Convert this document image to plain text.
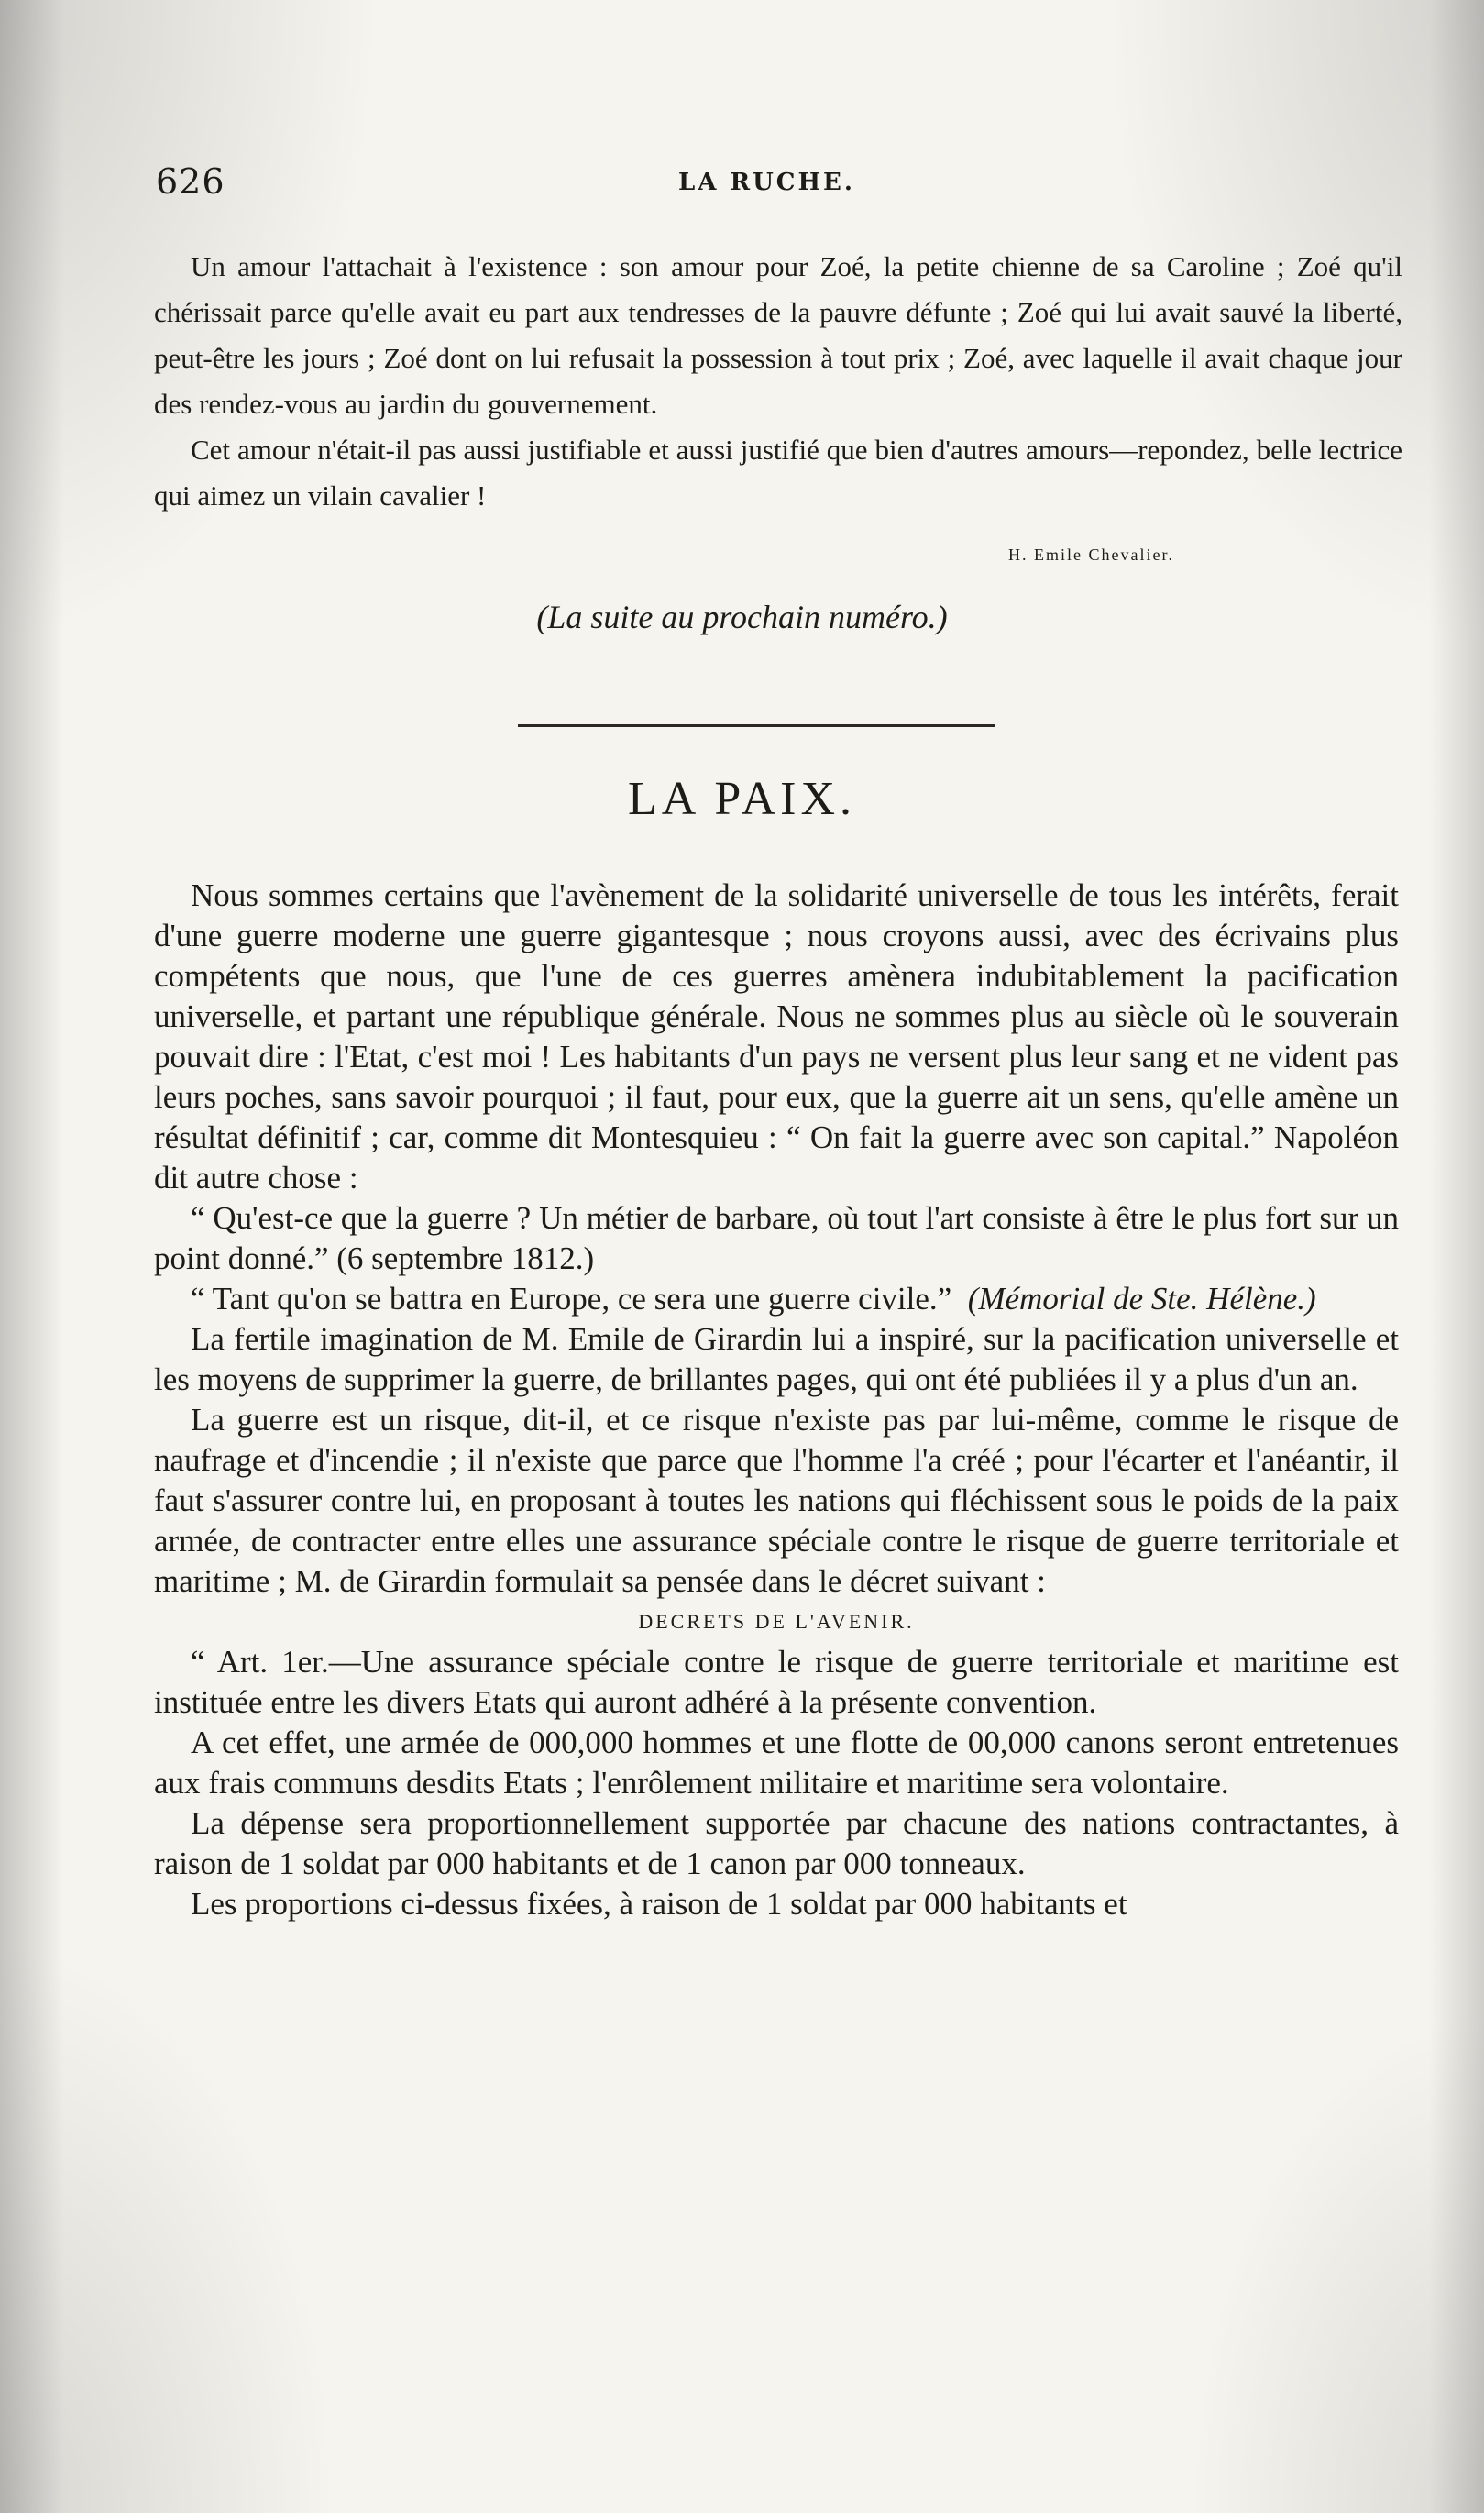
626	LA RUCHE.

Un amour l'attachait à l'existence : son amour pour Zoé, la petite chienne de sa Caroline ; Zoé qu'il chérissait parce qu'elle avait eu part aux tendresses de la pauvre défunte ; Zoé qui lui avait sauvé la liberté, peut-être les jours ; Zoé dont on lui refusait la possession à tout prix ; Zoé, avec laquelle il avait chaque jour des rendez-vous au jardin du gouvernement.

Cet amour n'était-il pas aussi justifiable et aussi justifié que bien d'autres amours—repondez, belle lectrice qui aimez un vilain cavalier !

H. Emile Chevalier.
(La suite au prochain numéro.)
LA PAIX.

Nous sommes certains que l'avènement de la solidarité universelle de tous les intérêts, ferait d'une guerre moderne une guerre gigantesque ; nous croyons aussi, avec des écrivains plus compétents que nous, que l'une de ces guerres amènera indubitablement la pacification universelle, et partant une république générale. Nous ne sommes plus au siècle où le souverain pouvait dire : l'Etat, c'est moi ! Les habitants d'un pays ne versent plus leur sang et ne vident pas leurs poches, sans savoir pourquoi ; il faut, pour eux, que la guerre ait un sens, qu'elle amène un résultat définitif ; car, comme dit Montesquieu : “ On fait la guerre avec son capital.” Napoléon dit autre chose :

“ Qu'est-ce que la guerre ? Un métier de barbare, où tout l'art consiste à être le plus fort sur un point donné.” (6 septembre 1812.)

“ Tant qu'on se battra en Europe, ce sera une guerre civile.” (Mémorial de Ste. Hélène.)

La fertile imagination de M. Emile de Girardin lui a inspiré, sur la pacification universelle et les moyens de supprimer la guerre, de brillantes pages, qui ont été publiées il y a plus d'un an.

La guerre est un risque, dit-il, et ce risque n'existe pas par lui-même, comme le risque de naufrage et d'incendie ; il n'existe que parce que l'homme l'a créé ; pour l'écarter et l'anéantir, il faut s'assurer contre lui, en proposant à toutes les nations qui fléchissent sous le poids de la paix armée, de contracter entre elles une assurance spéciale contre le risque de guerre territoriale et maritime ; M. de Girardin formulait sa pensée dans le décret suivant :

DECRETS DE L'AVENIR.

“ Art. 1er.—Une assurance spéciale contre le risque de guerre territoriale et maritime est instituée entre les divers Etats qui auront adhéré à la présente convention.

A cet effet, une armée de 000,000 hommes et une flotte de 00,000 canons seront entretenues aux frais communs desdits Etats ; l'enrôlement militaire et maritime sera volontaire.

La dépense sera proportionnellement supportée par chacune des nations contractantes, à raison de 1 soldat par 000 habitants et de 1 canon par 000 tonneaux.

Les proportions ci-dessus fixées, à raison de 1 soldat par 000 habitants et
